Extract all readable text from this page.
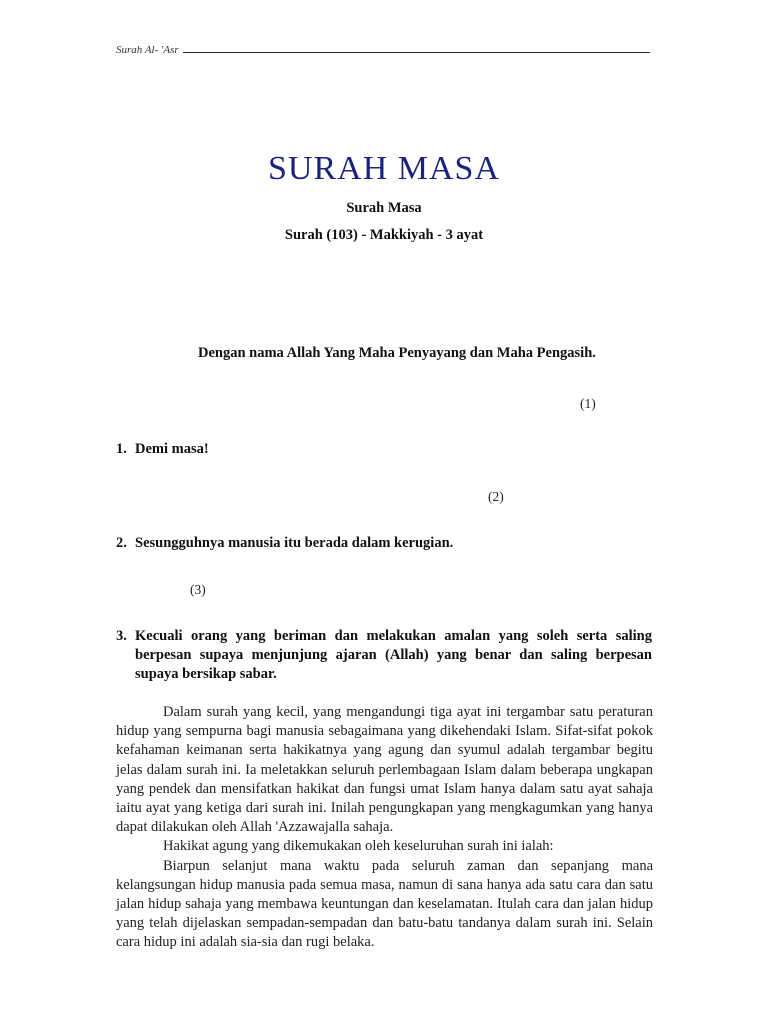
Surah Al- 'Asr
SURAH MASA
Surah Masa
Surah (103) - Makkiyah - 3 ayat
Dengan nama Allah Yang Maha Penyayang dan Maha Pengasih.
(1)
1. Demi masa!
(2)
2. Sesungguhnya manusia itu berada dalam kerugian.
(3)
3. Kecuali orang yang beriman dan melakukan amalan yang soleh serta saling berpesan supaya menjunjung ajaran (Allah) yang benar dan saling berpesan supaya bersikap sabar.

Dalam surah yang kecil, yang mengandungi tiga ayat ini tergambar satu peraturan hidup yang sempurna bagi manusia sebagaimana yang dikehendaki Islam. Sifat-sifat pokok kefahaman keimanan serta hakikatnya yang agung dan syumul adalah tergambar begitu jelas dalam surah ini. Ia meletakkan seluruh perlembagaan Islam dalam beberapa ungkapan yang pendek dan mensifatkan hakikat dan fungsi umat Islam hanya dalam satu ayat sahaja iaitu ayat yang ketiga dari surah ini. Inilah pengungkapan yang mengkagumkan yang hanya dapat dilakukan oleh Allah 'Azzawajalla sahaja.

Hakikat agung yang dikemukakan oleh keseluruhan surah ini ialah:

Biarpun selanjut mana waktu pada seluruh zaman dan sepanjang mana kelangsungan hidup manusia pada semua masa, namun di sana hanya ada satu cara dan satu jalan hidup sahaja yang membawa keuntungan dan keselamatan. Itulah cara dan jalan hidup yang telah dijelaskan sempadan-sempadan dan batu-batu tandanya dalam surah ini. Selain cara hidup ini adalah sia-sia dan rugi belaka.
